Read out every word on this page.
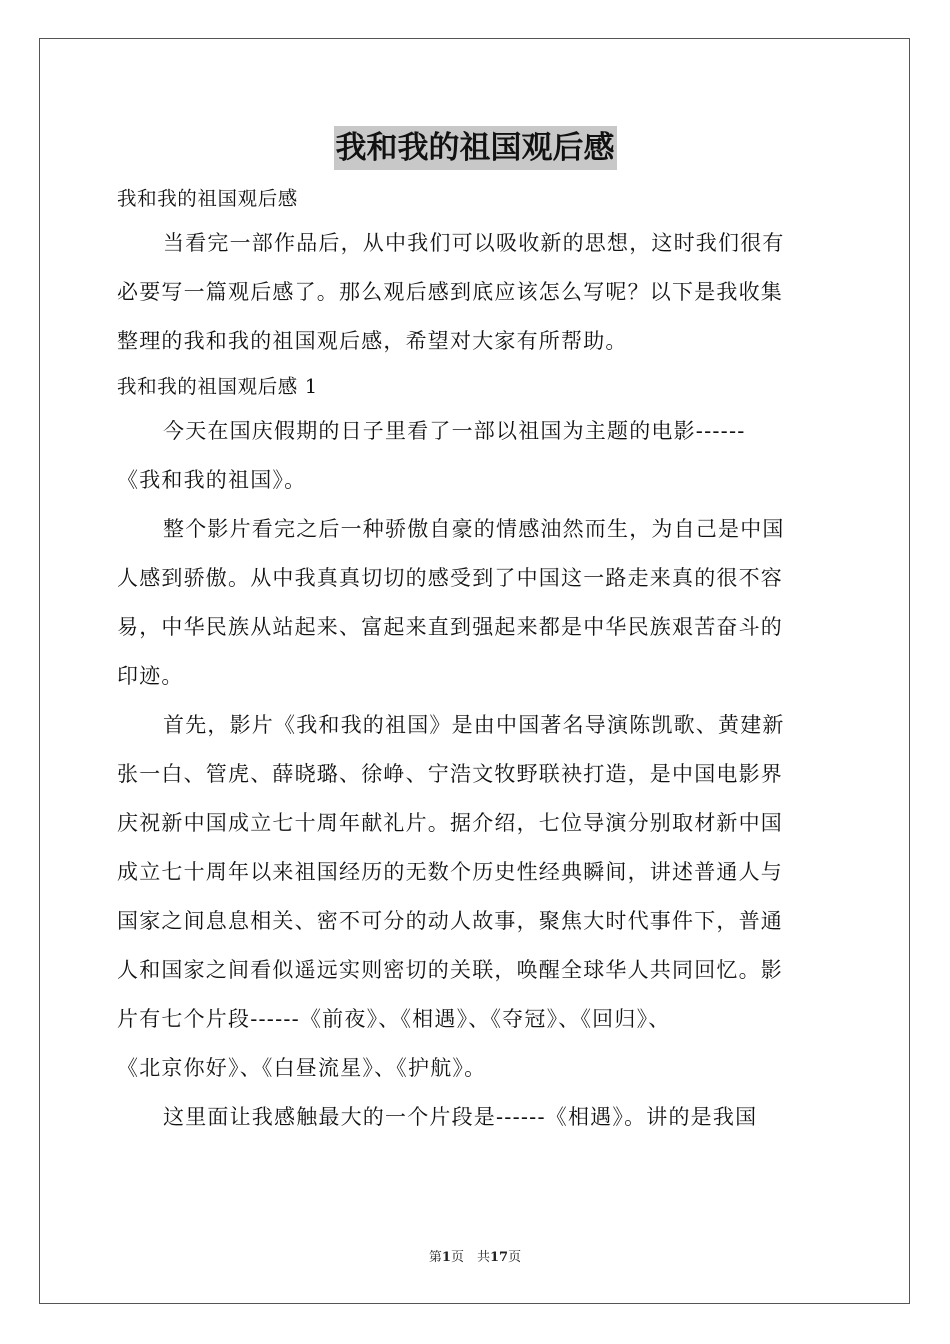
我和我的祖国观后感
我和我的祖国观后感
当看完一部作品后，从中我们可以吸收新的思想，这时我们很有
必要写一篇观后感了。那么观后感到底应该怎么写呢？以下是我收集
整理的我和我的祖国观后感，希望对大家有所帮助。
我和我的祖国观后感 1
今天在国庆假期的日子里看了一部以祖国为主题的电影------
《我和我的祖国》。
整个影片看完之后一种骄傲自豪的情感油然而生，为自己是中国
人感到骄傲。从中我真真切切的感受到了中国这一路走来真的很不容
易，中华民族从站起来、富起来直到强起来都是中华民族艰苦奋斗的
印迹。
首先，影片《我和我的祖国》是由中国著名导演陈凯歌、黄建新
张一白、管虎、薛晓璐、徐峥、宁浩文牧野联袂打造，是中国电影界
庆祝新中国成立七十周年献礼片。据介绍，七位导演分别取材新中国
成立七十周年以来祖国经历的无数个历史性经典瞬间，讲述普通人与
国家之间息息相关、密不可分的动人故事，聚焦大时代事件下，普通
人和国家之间看似遥远实则密切的关联，唤醒全球华人共同回忆。影
片有七个片段------《前夜》、《相遇》、《夺冠》、《回归》、
《北京你好》、《白昼流星》、《护航》。
这里面让我感触最大的一个片段是------《相遇》。讲的是我国
第1页　共17页
